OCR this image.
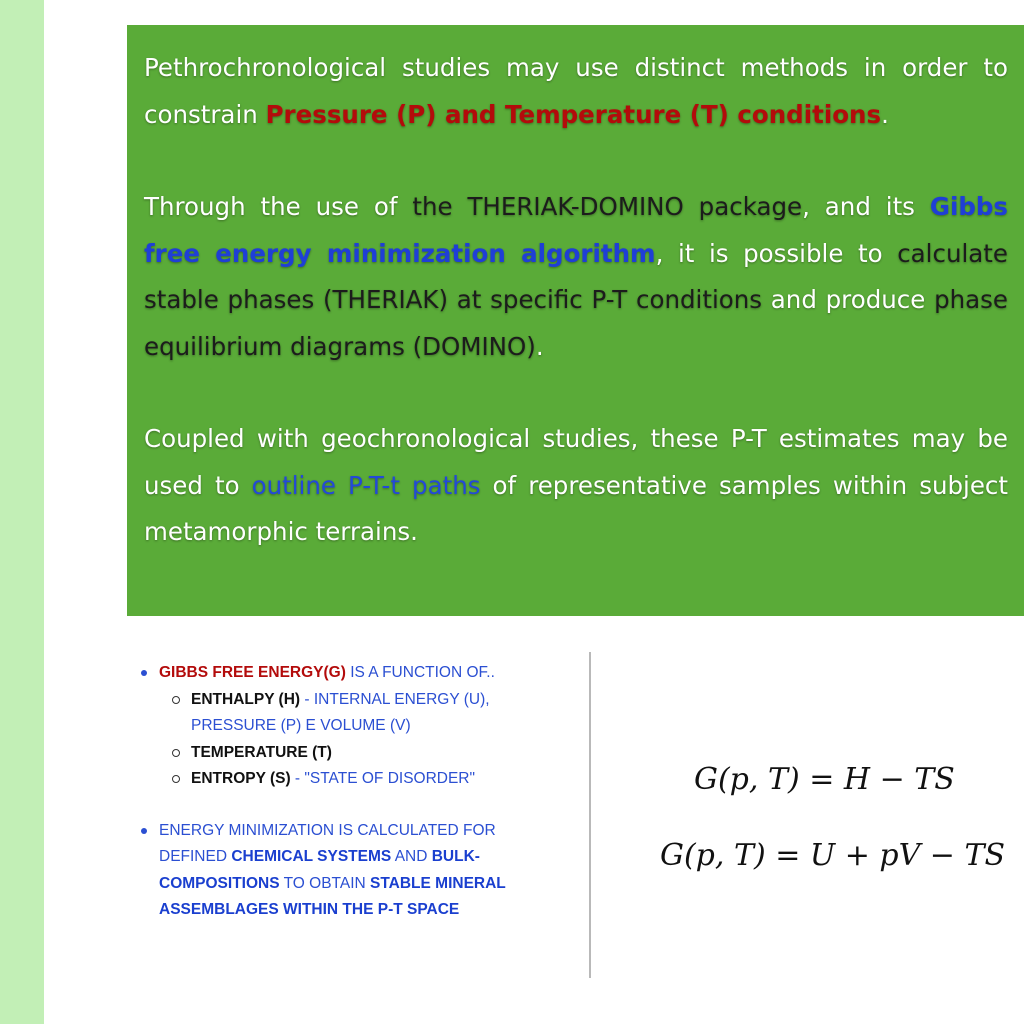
Pethrochronological studies may use distinct methods in order to constrain Pressure (P) and Temperature (T) conditions.

Through the use of the THERIAK-DOMINO package, and its Gibbs free energy minimization algorithm, it is possible to calculate stable phases (THERIAK) at specific P-T conditions and produce phase equilibrium diagrams (DOMINO).

Coupled with geochronological studies, these P-T estimates may be used to outline P-T-t paths of representative samples within subject metamorphic terrains.

GIBBS FREE ENERGY(G) IS A FUNCTION OF..
ENTHALPY (H) - INTERNAL ENERGY (U), PRESSURE (P) E VOLUME (V)
TEMPERATURE (T)
ENTROPY (S) - "STATE OF DISORDER"
ENERGY MINIMIZATION IS CALCULATED FOR DEFINED CHEMICAL SYSTEMS AND BULK-COMPOSITIONS TO OBTAIN STABLE MINERAL ASSEMBLAGES WITHIN THE P-T SPACE
G(p, T) = H − TS
G(p, T) = U + pV − TS
